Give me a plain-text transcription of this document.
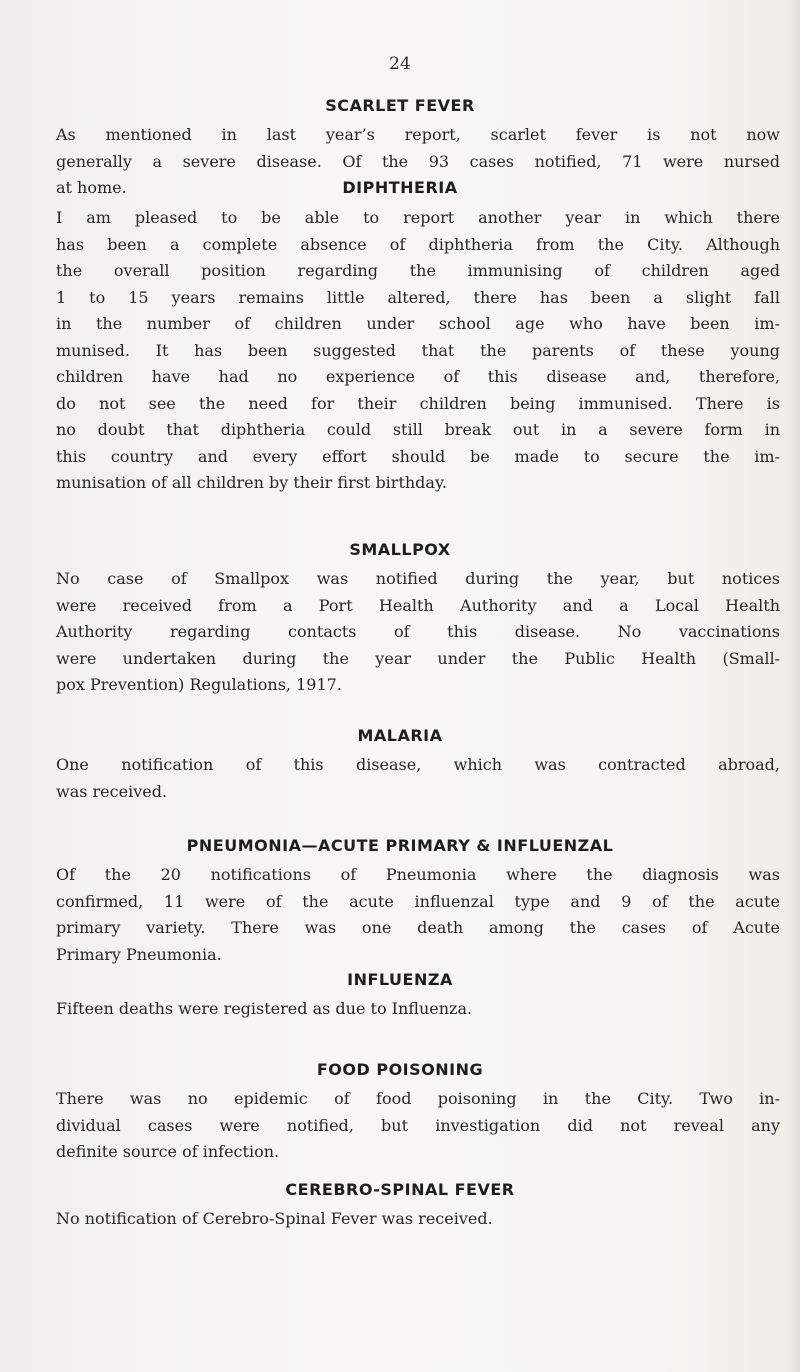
24
SCARLET FEVER
As mentioned in last year’s report, scarlet fever is not now
generally a severe disease. Of the 93 cases notified, 71 were nursed
at home.	DIPHTHERIA
I am pleased to be able to report another year in which there
has been a complete absence of diphtheria from the City. Although
the overall position regarding the immunising of children aged
1 to 15 years remains little altered, there has been a slight fall
in the number of children under school age who have been im-
munised. It has been suggested that the parents of these young
children have had no experience of this disease and, therefore,
do not see the need for their children being immunised. There is
no doubt that diphtheria could still break out in a severe form in
this country and every effort should be made to secure the im-
munisation of all children by their first birthday.
SMALLPOX
No case of Smallpox was notified during the year, but notices
were received from a Port Health Authority and a Local Health
Authority regarding contacts of this disease. No vaccinations
were undertaken during the year under the Public Health (Small-
pox Prevention) Regulations, 1917.
MALARIA
One notification of this disease, which was contracted abroad,
was received.
PNEUMONIA—ACUTE PRIMARY & INFLUENZAL
Of the 20 notifications of Pneumonia where the diagnosis was
confirmed, 11 were of the acute influenzal type and 9 of the acute
primary variety. There was one death among the cases of Acute
Primary Pneumonia.
INFLUENZA
Fifteen deaths were registered as due to Influenza.
FOOD POISONING
There was no epidemic of food poisoning in the City. Two in-
dividual cases were notified, but investigation did not reveal any
definite source of infection.
CEREBRO-SPINAL FEVER
No notification of Cerebro-Spinal Fever was received.
